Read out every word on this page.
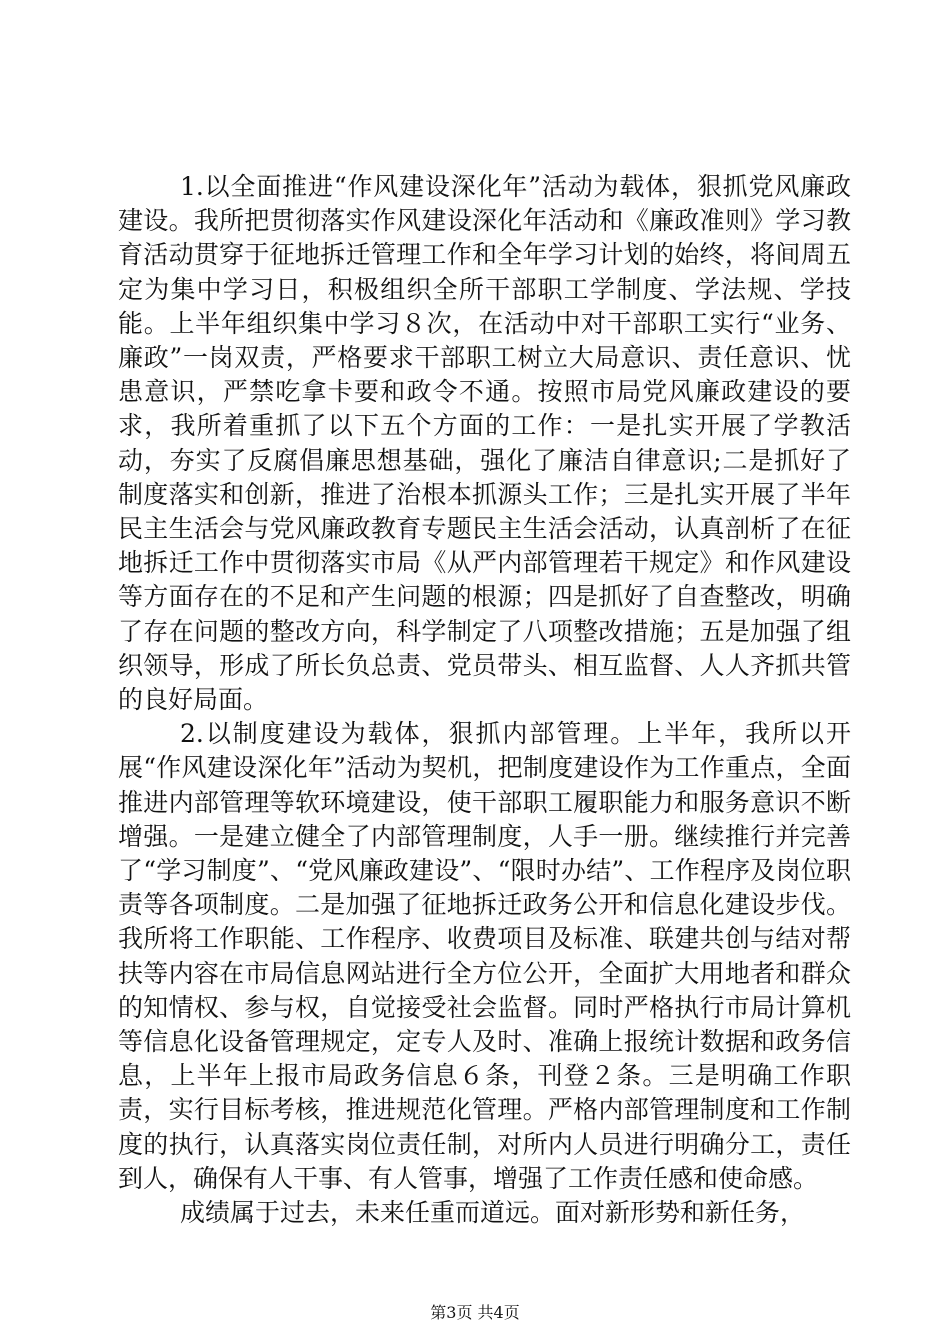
1.以全面推进“作风建设深化年”活动为载体，狠抓党风廉政建设。我所把贯彻落实作风建设深化年活动和《廉政准则》学习教育活动贯穿于征地拆迁管理工作和全年学习计划的始终，将间周五定为集中学习日，积极组织全所干部职工学制度、学法规、学技能。上半年组织集中学习８次，在活动中对干部职工实行“业务、廉政”一岗双责，严格要求干部职工树立大局意识、责任意识、忧患意识，严禁吃拿卡要和政令不通。按照市局党风廉政建设的要求，我所着重抓了以下五个方面的工作：一是扎实开展了学教活动，夯实了反腐倡廉思想基础，强化了廉洁自律意识;二是抓好了制度落实和创新，推进了治根本抓源头工作；三是扎实开展了半年民主生活会与党风廉政教育专题民主生活会活动，认真剖析了在征地拆迁工作中贯彻落实市局《从严内部管理若干规定》和作风建设等方面存在的不足和产生问题的根源；四是抓好了自查整改，明确了存在问题的整改方向，科学制定了八项整改措施；五是加强了组织领导，形成了所长负总责、党员带头、相互监督、人人齐抓共管的良好局面。

2.以制度建设为载体，狠抓内部管理。上半年，我所以开展“作风建设深化年”活动为契机，把制度建设作为工作重点，全面推进内部管理等软环境建设，使干部职工履职能力和服务意识不断增强。一是建立健全了内部管理制度，人手一册。继续推行并完善了“学习制度”、“党风廉政建设”、“限时办结”、工作程序及岗位职责等各项制度。二是加强了征地拆迁政务公开和信息化建设步伐。我所将工作职能、工作程序、收费项目及标准、联建共创与结对帮扶等内容在市局信息网站进行全方位公开，全面扩大用地者和群众的知情权、参与权，自觉接受社会监督。同时严格执行市局计算机等信息化设备管理规定，定专人及时、准确上报统计数据和政务信息，上半年上报市局政务信息６条，刊登２条。三是明确工作职责，实行目标考核，推进规范化管理。严格内部管理制度和工作制度的执行，认真落实岗位责任制，对所内人员进行明确分工，责任到人，确保有人干事、有人管事，增强了工作责任感和使命感。

成绩属于过去，未来任重而道远。面对新形势和新任务，

第3页 共4页
